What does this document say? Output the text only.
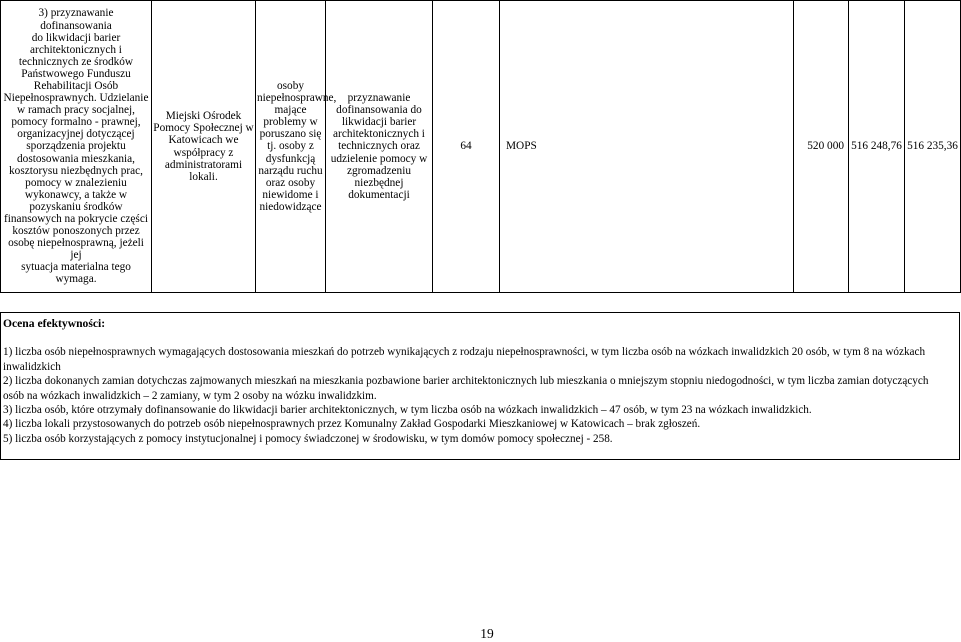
3) przyznawanie dofinansowania
do likwidacji barier
architektonicznych i
technicznych ze środków
Państwowego Funduszu
Rehabilitacji Osób
Niepełnosprawnych. Udzielanie
w ramach pracy socjalnej,
pomocy formalno - prawnej,
organizacyjnej dotyczącej
sporządzenia projektu
dostosowania mieszkania,
kosztorysu niezbędnych prac,
pomocy w znalezieniu
wykonawcy, a także w
pozyskaniu środków
finansowych na pokrycie części
kosztów ponoszonych przez
osobę niepełnosprawną, jeżeli jej
sytuacja materialna tego
wymaga.
	Miejski Ośrodek Pomocy Społecznej w Katowicach we współpracy z administratorami lokali.	osoby niepełnosprawne, mające problemy w poruszano się tj. osoby z dysfunkcją narządu ruchu oraz osoby niewidome i niedowidzące	przyznawanie dofinansowania do likwidacji barier architektonicznych i technicznych oraz udzielenie pomocy w zgromadzeniu niezbędnej dokumentacji	64	MOPS	520 000	516 248,76	516 235,36
Ocena efektywności:

1) liczba osób niepełnosprawnych wymagających dostosowania mieszkań do potrzeb wynikających z rodzaju niepełnosprawności, w tym liczba osób na wózkach inwalidzkich 20 osób, w tym 8 na wózkach inwalidzkich

2) liczba dokonanych zamian dotychczas zajmowanych mieszkań na mieszkania pozbawione barier architektonicznych lub mieszkania o mniejszym stopniu niedogodności, w tym liczba zamian dotyczących osób na wózkach inwalidzkich – 2 zamiany, w tym 2 osoby na wózku inwalidzkim.

3) liczba osób, które otrzymały dofinansowanie do likwidacji barier architektonicznych, w tym liczba osób na wózkach inwalidzkich – 47 osób, w tym 23 na wózkach inwalidzkich.

4) liczba lokali przystosowanych do potrzeb osób niepełnosprawnych przez Komunalny Zakład Gospodarki Mieszkaniowej w Katowicach – brak zgłoszeń.

5) liczba osób korzystających z pomocy instytucjonalnej i pomocy świadczonej w środowisku, w tym domów pomocy społecznej - 258.

19
